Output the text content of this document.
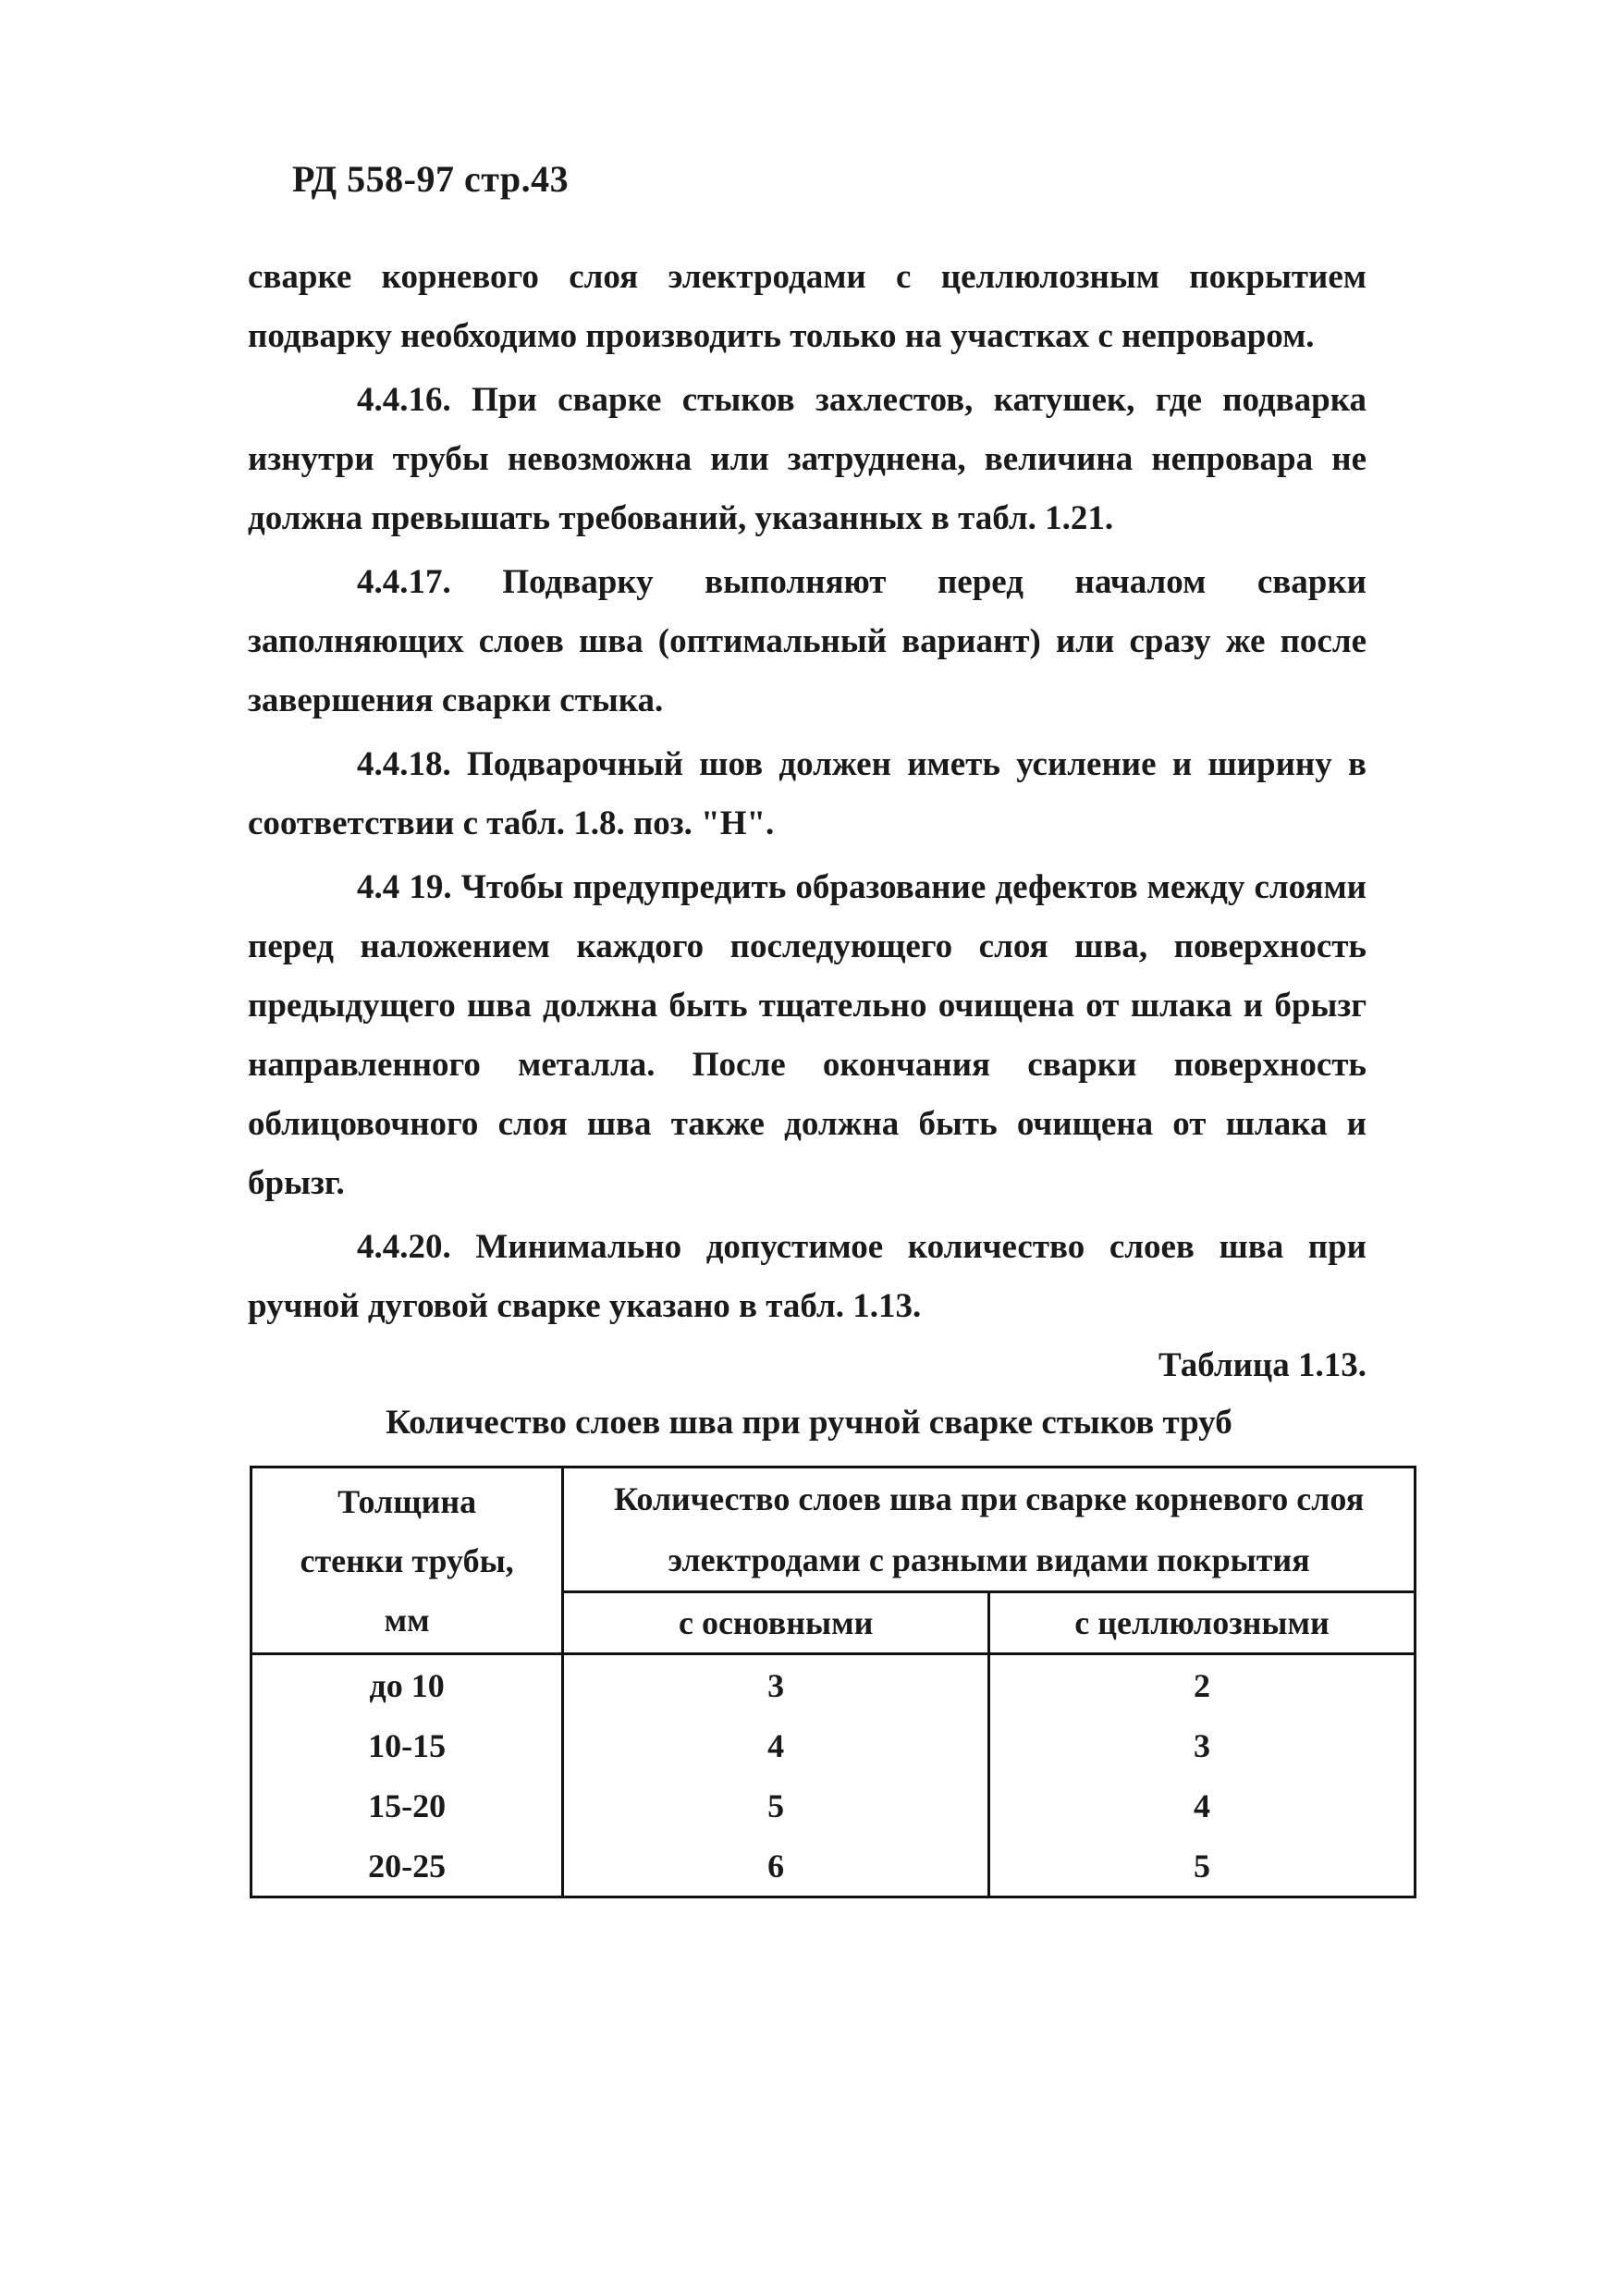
РД 558-97 стр.43

сварке корневого слоя электродами с целлюлозным покрытием подварку необходимо производить только на участках с непроваром.

4.4.16. При сварке стыков захлестов, катушек, где подварка изнутри трубы невозможна или затруднена, величина непровара не должна превышать требований, указанных в табл. 1.21.

4.4.17. Подварку выполняют перед началом сварки заполняющих слоев шва (оптимальный вариант) или сразу же после завершения сварки стыка.

4.4.18. Подварочный шов должен иметь усиление и ширину в соответствии с табл. 1.8. поз. "Н".

4.4 19. Чтобы предупредить образование дефектов между слоями перед наложением каждого последующего слоя шва, поверхность предыдущего шва должна быть тщательно очищена от шлака и брызг направленного металла. После окончания сварки поверхность облицовочного слоя шва также должна быть очищена от шлака и брызг.

4.4.20. Минимально допустимое количество слоев шва при ручной дуговой сварке указано в табл. 1.13.

Таблица 1.13.
Количество слоев шва при ручной сварке стыков труб
Толщина стенки трубы, мм	Количество слоев шва при сварке корневого слоя электродами с разными видами покрытия	

	с основными	с целлюлозными
до 10	3	2
10-15	4	3
15-20	5	4
20-25	6	5
